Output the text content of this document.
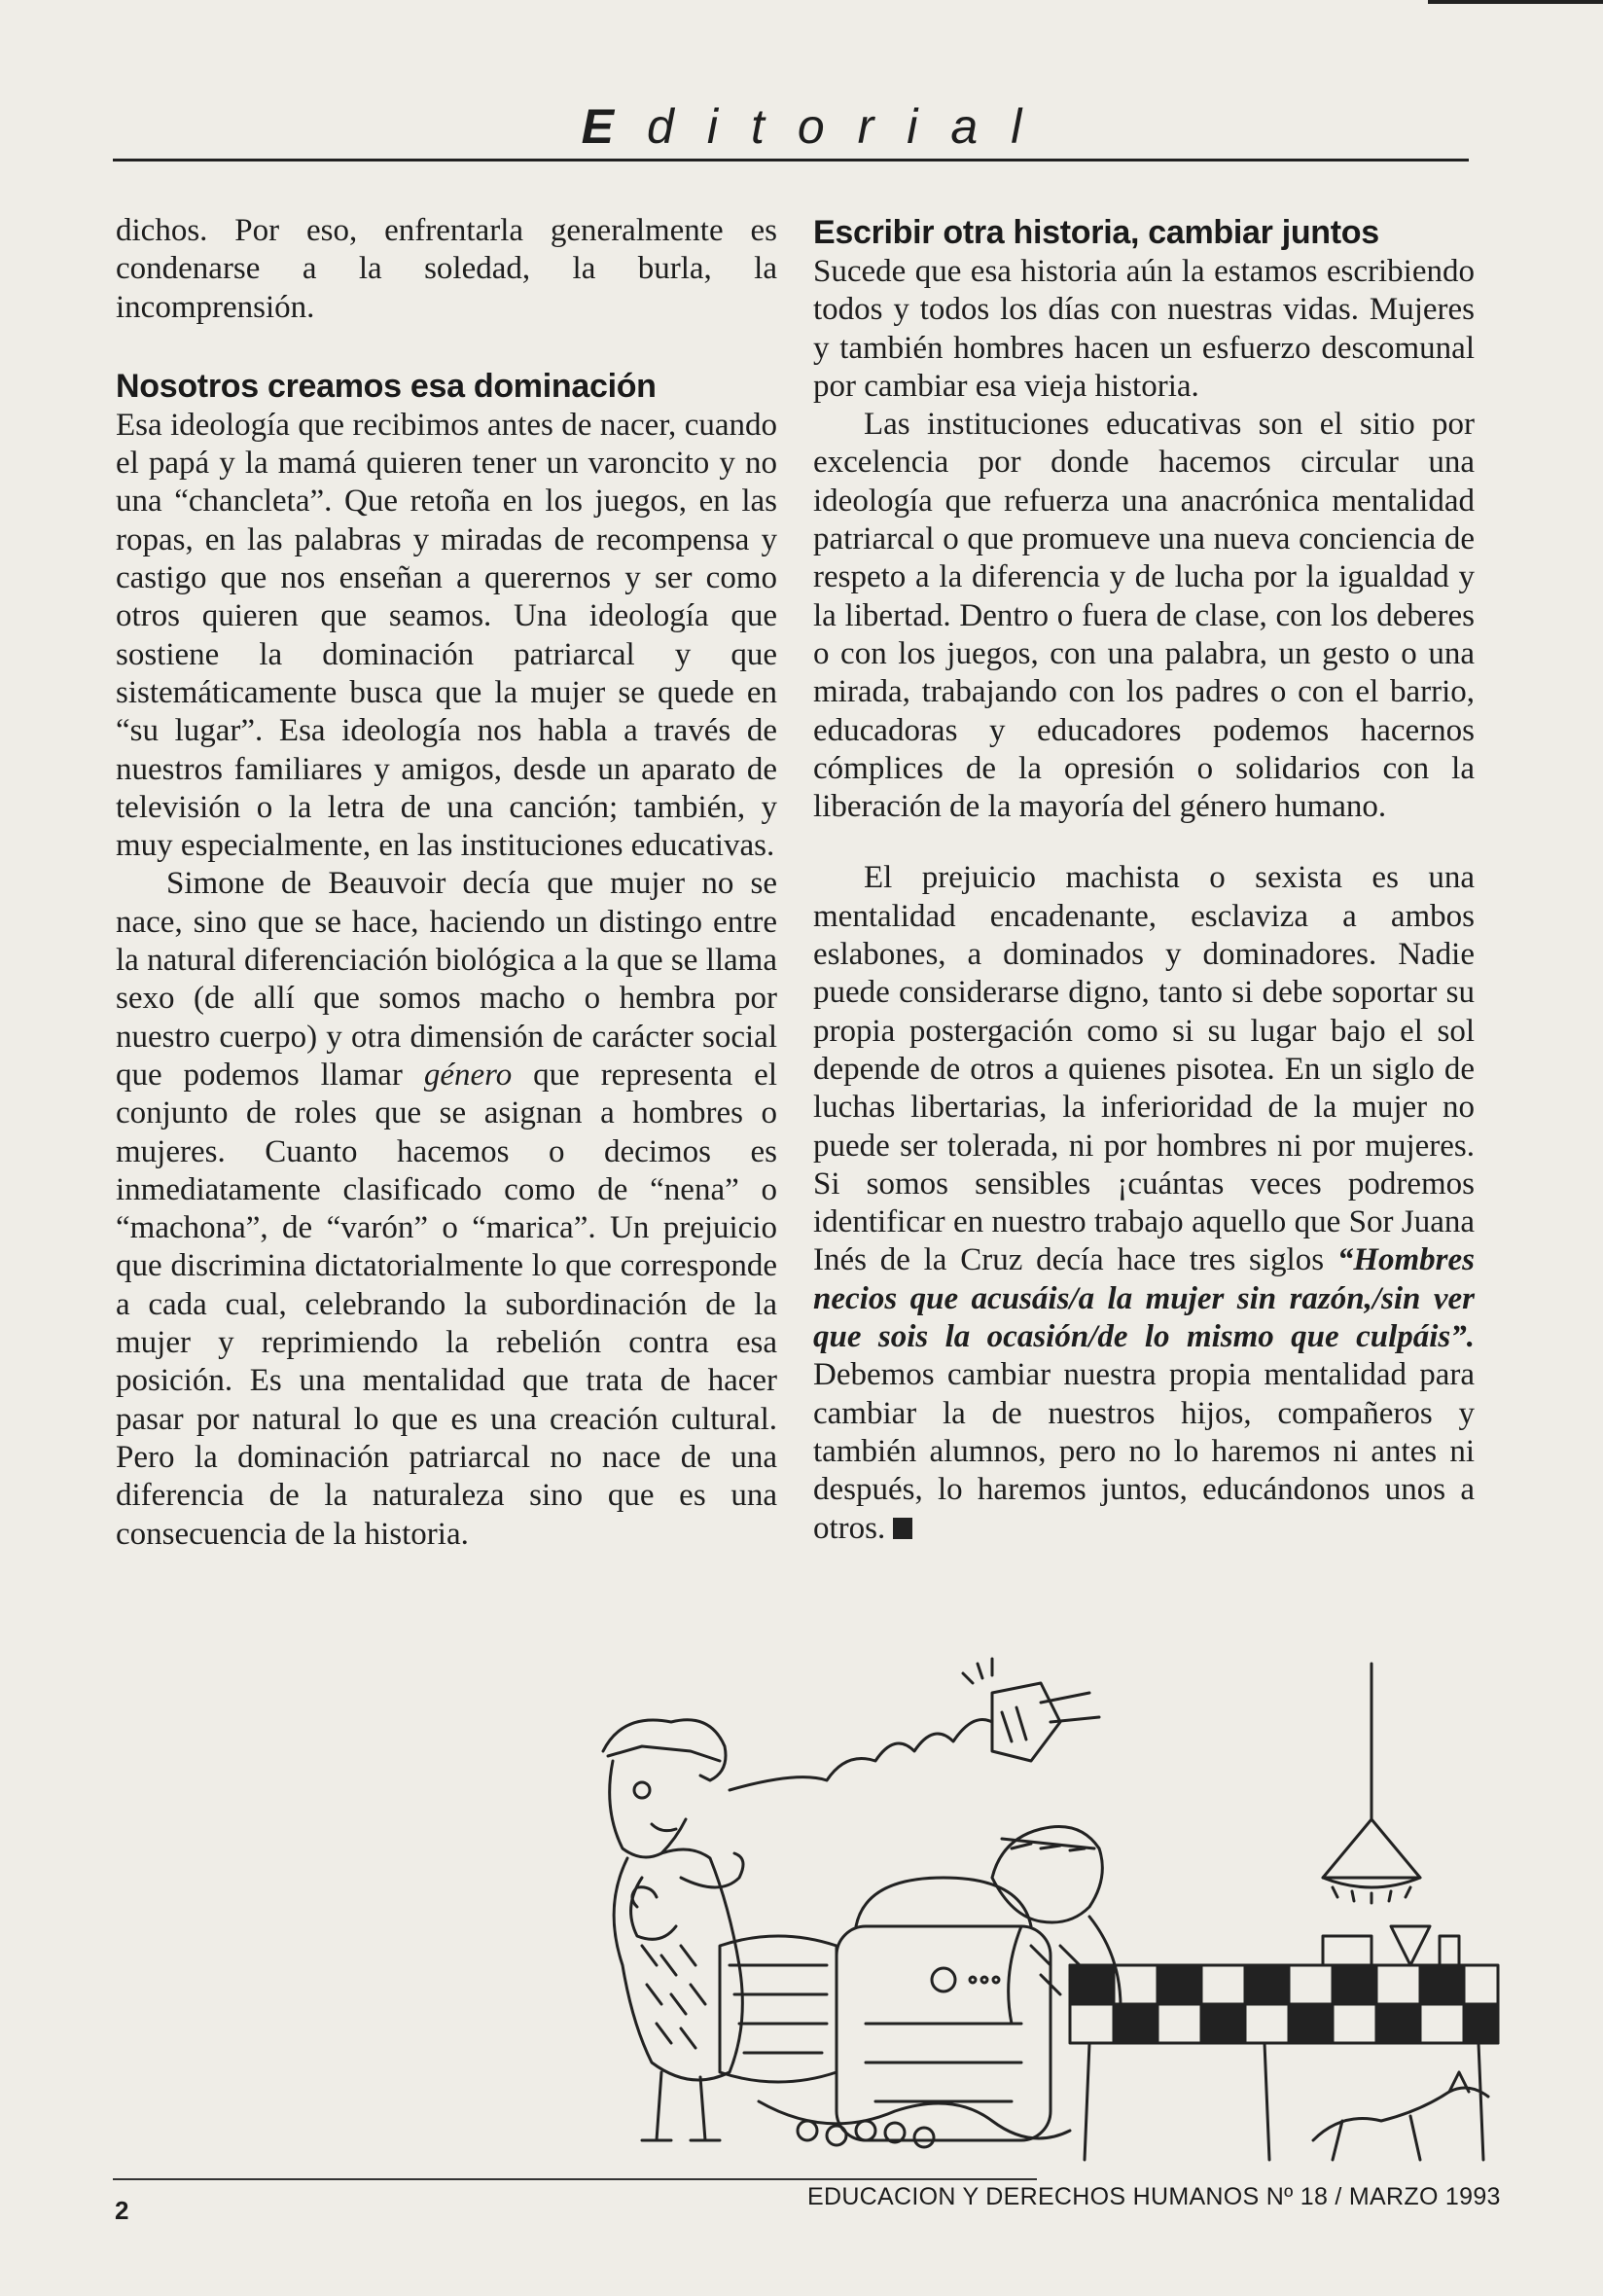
Editorial

dichos. Por eso, enfrentarla generalmente es condenarse a la soledad, la burla, la incomprensión.

Nosotros creamos esa dominación

Esa ideología que recibimos antes de nacer, cuando el papá y la mamá quieren tener un varoncito y no una “chancleta”. Que retoña en los juegos, en las ropas, en las palabras y miradas de recompensa y castigo que nos enseñan a querernos y ser como otros quieren que seamos. Una ideología que sostiene la dominación patriarcal y que sistemáticamente busca que la mujer se quede en “su lugar”. Esa ideología nos habla a través de nuestros familiares y amigos, desde un aparato de televisión o la letra de una canción; también, y muy especialmente, en las instituciones educativas.

Simone de Beauvoir decía que mujer no se nace, sino que se hace, haciendo un distingo entre la natural diferenciación biológica a la que se llama sexo (de allí que somos macho o hembra por nuestro cuerpo) y otra dimensión de carácter social que podemos llamar género que representa el conjunto de roles que se asignan a hombres o mujeres. Cuanto hacemos o decimos es inmediatamente clasificado como de “nena” o “machona”, de “varón” o “marica”. Un prejuicio que discrimina dictatorialmente lo que corresponde a cada cual, celebrando la subordinación de la mujer y reprimiendo la rebelión contra esa posición. Es una mentalidad que trata de hacer pasar por natural lo que es una creación cultural. Pero la dominación patriarcal no nace de una diferencia de la naturaleza sino que es una consecuencia de la historia.

Escribir otra historia, cambiar juntos

Sucede que esa historia aún la estamos escribiendo todos y todos los días con nuestras vidas. Mujeres y también hombres hacen un esfuerzo descomunal por cambiar esa vieja historia.

Las instituciones educativas son el sitio por excelencia por donde hacemos circular una ideología que refuerza una anacrónica mentalidad patriarcal o que promueve una nueva conciencia de respeto a la diferencia y de lucha por la igualdad y la libertad. Dentro o fuera de clase, con los deberes o con los juegos, con una palabra, un gesto o una mirada, trabajando con los padres o con el barrio, educadoras y educadores podemos hacernos cómplices de la opresión o solidarios con la liberación de la mayoría del género humano.

El prejuicio machista o sexista es una mentalidad encadenante, esclaviza a ambos eslabones, a dominados y dominadores. Nadie puede considerarse digno, tanto si debe soportar su propia postergación como si su lugar bajo el sol depende de otros a quienes pisotea. En un siglo de luchas libertarias, la inferioridad de la mujer no puede ser tolerada, ni por hombres ni por mujeres. Si somos sensibles ¡cuántas veces podremos identificar en nuestro trabajo aquello que Sor Juana Inés de la Cruz decía hace tres siglos “Hombres necios que acusáis/a la mujer sin razón,/sin ver que sois la ocasión/de lo mismo que culpáis”. Debemos cambiar nuestra propia mentalidad para cambiar la de nuestros hijos, compañeros y también alumnos, pero no lo haremos ni antes ni después, lo haremos juntos, educándonos unos a otros.

2	EDUCACION Y DERECHOS HUMANOS Nº 18 / MARZO 1993
